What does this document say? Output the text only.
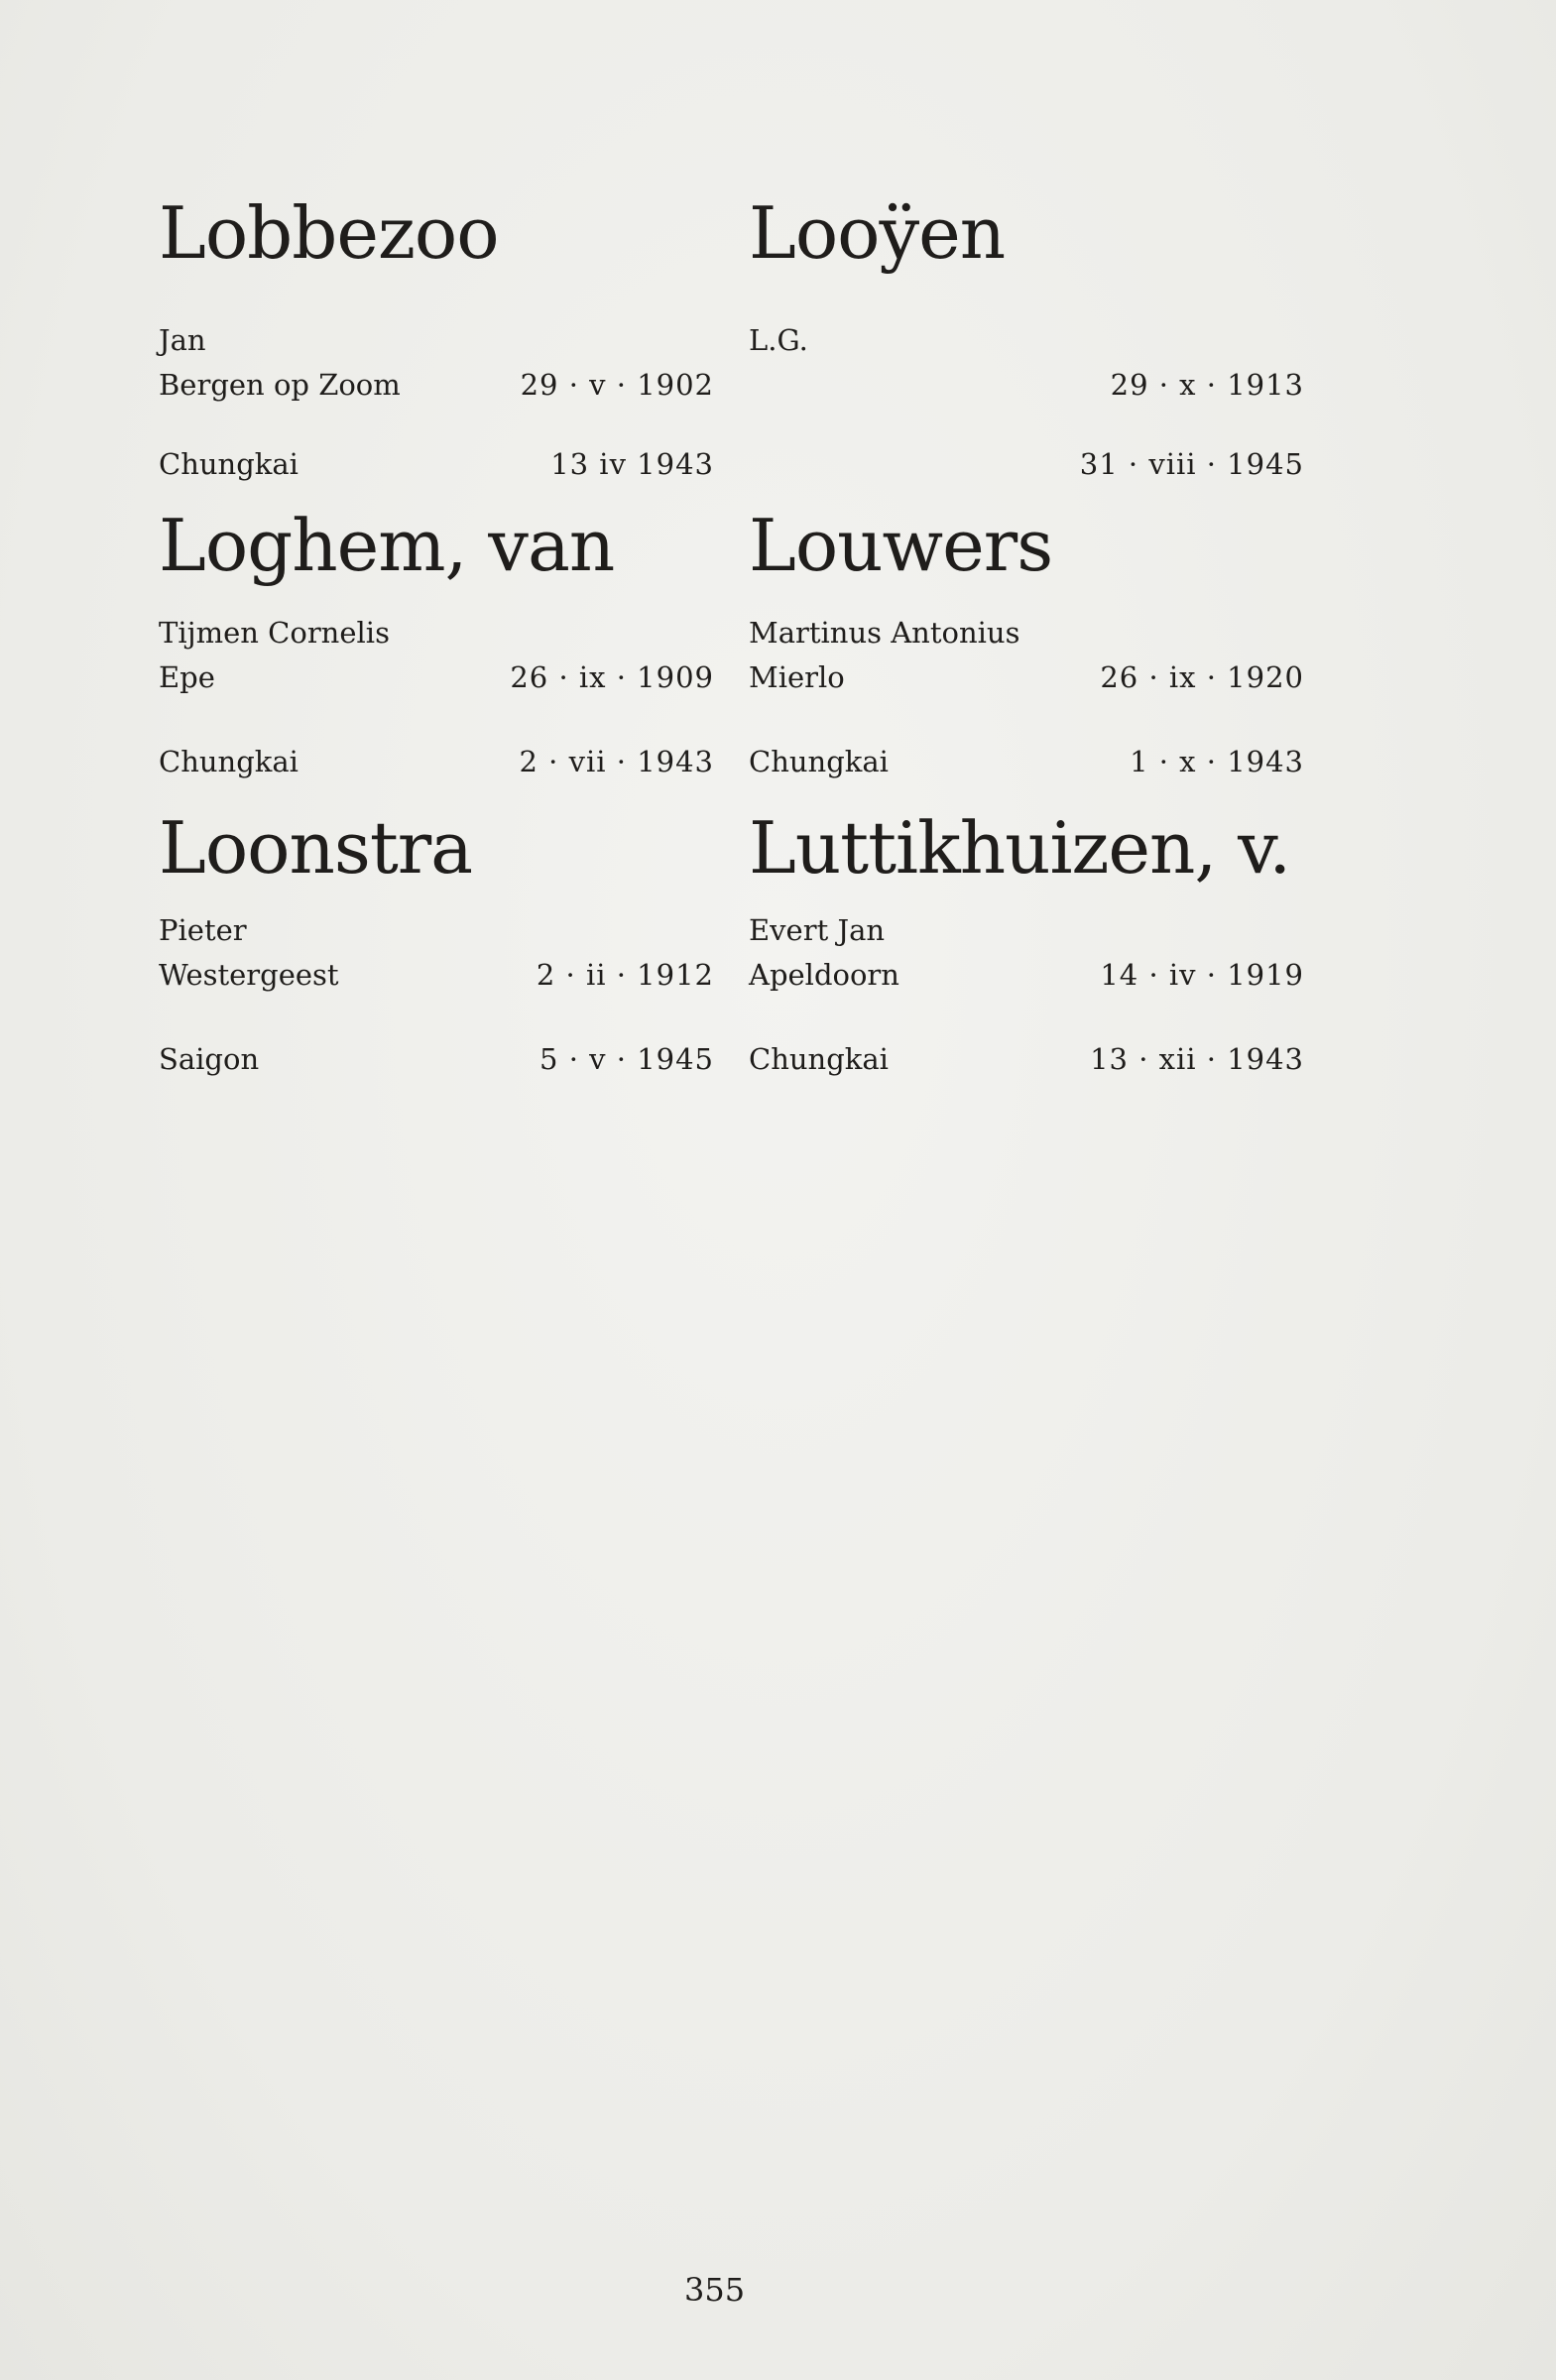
Lobbezoo
Jan
Bergen op Zoom	29 · v · 1902
Chungkai	13 iv 1943
Looÿen
L.G.
29 · x · 1913
31 · viii · 1945
Loghem, van
Tijmen Cornelis
Epe	26 · ix · 1909
Chungkai	2 · vii · 1943
Louwers
Martinus Antonius
Mierlo	26 · ix · 1920
Chungkai	1 · x · 1943
Loonstra
Pieter
Westergeest	2 · ii · 1912
Saigon	5 · v · 1945
Luttikhuizen, v.
Evert Jan
Apeldoorn	14 · iv · 1919
Chungkai	13 · xii · 1943
355
